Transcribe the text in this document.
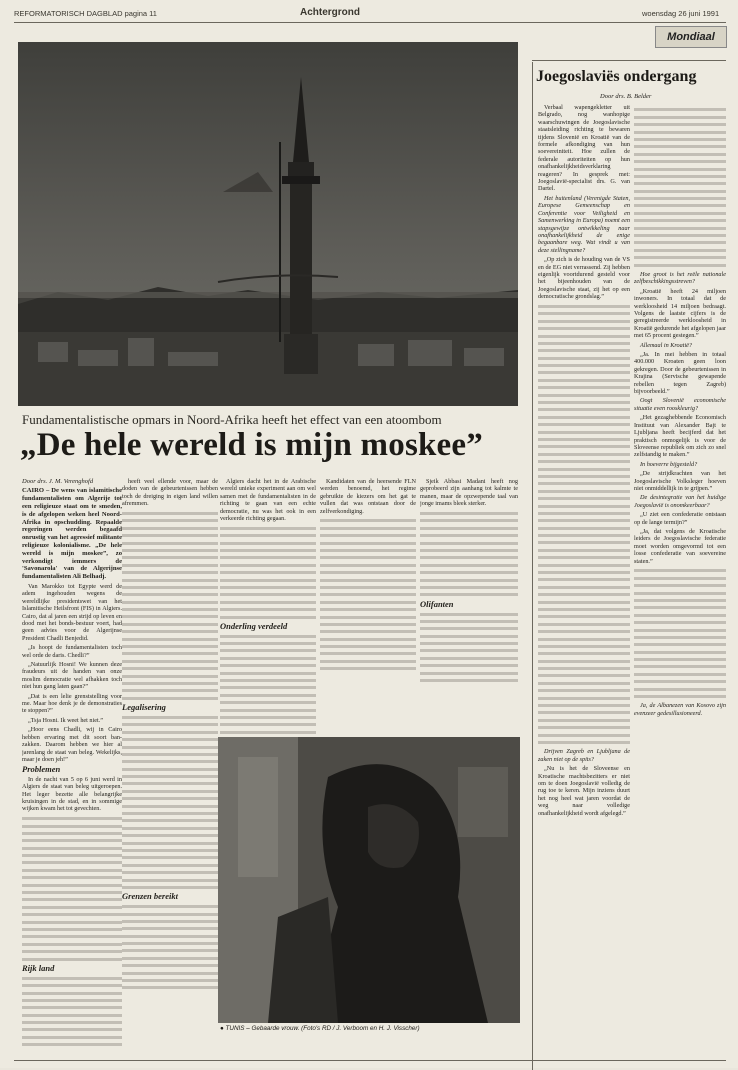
REFORMATORISCH DAGBLAD pagina 11	Achtergrond	woensdag 26 juni 1991
Fundamentalistische opmars in Noord-Afrika heeft het effect van een atoombom
„De hele wereld is mijn moskee”

Door drs. J. M. Verenghofd

CAIRO – De wens van islamitische fundamentalisten om Algerije tot een religieuze staat om te smeden, is de afgelopen weken heel Noord-Afrika in opschudding. Repaalde regeringen werden begaafd onrustig van het agressief militante religieuze kolonialisme. „De hele wereld is mijn moskee”, zo verkondigt iemmers de 'Savonarola' van de Algerijnse fundamentalisten Ali Belhadj.

Van Marokko tot Egypte werd de adem ingehouden wegens de wereldlijke presidentswet van het Islamitische Heilsfront (FIS) in Algiers. Cairo, dat al jaren een strijd op leven en dood met het bonds-bestuur voert, had geen advies voor de Algerijnse President Chadli Benjedid.

„Is hoopt de fundamentalisten toch wel orde de daris. Chedli?”

„Natuurlijk Hosni! We kunnen deze fraudeurs uit de handen van onze moslim democratie wel afhakken toch niet hun gang laten gaan?”

„Dat is een lelie grenststelling voor me. Maar hoe denk je de demonstraties te stoppen?”

„Tsja Hosni. Ik weet het niet.”

„Hoor eens Chadli, wij in Cairo hebben ervaring met dit soort ban-zakken. Daarom hebben we hier al jarenlang de staat van beleg. Wekelijks, maar je doen jeh!”

Problemen

In de nacht van 5 op 6 juni werd in Algiers de staat van beleg uitgeroepen. Het leger bezette alle belangrijke kruisingen in de stad, en in sommige wijken kwam het tot gevechten.

Rijk land

heeft veel ellende voor, maar de doden van de gebeurtenissen hebben toch de dreiging in eigen land willen afremmen.

Legalisering
Grenzen bereikt

Algiers dacht het in de Arabische wereld unieke experiment aan om wel samen met de fundamentalisten in de richting te gaan van een echte democratie, nu was het ook in een verkeerde richting gegaan.

Onderling verdeeld

Kandidaten van de heersende FLN werden benoemd, het regime gebruikte de kiezers om het gat te vullen dat was ontstaan door de zelfverkondiging.

Sjeik Abbasi Madani heeft nog geprobeerd zijn aanhang tot kalmte te manen, maar de opzwepende taal van jonge imams bleek sterker.

Olifanten
● TUNIS – Gebaarde vrouw. (Foto's RD / J. Verboom en H. J. Visscher)
Mondiaal
Joegoslaviës ondergang
Door drs. B. Belder

Verbaal wapengekletter uit Belgrado, nog wanhopige waarschuwingen de Joegoslavische staatsleiding richting te bewaren tijdens Slovenië en Kroatië van de formele afkondiging van hun soevereiniteit. Hoe zullen de federale autoriteiten op hun onafhankelijkheidsverklaring reageren? In gesprek met: Joegoslavië-specialist drs. G. van Dartel.

Het buitenland (Verenigde Staten, Europese Gemeenschap en Conferentie voor Veiligheid en Samenwerking in Europa) noemt een stapsgewijze ontwikkeling naar onafhankelijkheid de enige begaanbare weg. Wat vindt u van deze stellingname?

„Op zich is de houding van de VS en de EG niet verrassend. Zij hebben eigenlijk voortdurend gesteld voor het bijeenhouden van de Joegoslavische staat, zij het op een democratische grondslag.”

Drijven Zagreb en Ljubljana de zaken niet op de spits?

„Nu is het de Sloveense en Kroatische machtsbezitters er niet om te doen Joegoslavië volledig de rug toe te keren. Mijn inziens duurt het nog heel wat jaren voordat de weg naar volledige onafhankelijkheid wordt afgelegd.”

Hoe groot is het reële nationale zelfbeschikkingsstreven?

„Kroatië heeft 24 miljoen inwoners. In totaal dat de werkloosheid 14 miljoen bedraagt. Volgens de laatste cijfers is de geregistreerde werkloosheid in Kroatië gedurende het afgelopen jaar met 65 procent gestegen.”

Allemaal in Kroatië?

„Ja. In mei hebben in totaal 400.000 Kroaten geen loon gekregen. Door de gebeurtenissen in Krajina (Servische gewapende rebellen tegen Zagreb) bijvoorbeeld.”

Oogt Slovenië economische situatie even rooskleurig?

„Het gezaghebbende Economisch Instituut van Alexander Bajt te Ljubljana heeft becijferd dat het praktisch onmogelijk is voor de Sloveense republiek om zich zo snel zelfstandig te maken.”

In hoeverre bijgesteld?

„De strijdkrachten van het Joegoslavische Volksleger hoeven niet onmiddellijk in te grijpen.”

De desintegratie van het huidige Joegoslavië is onomkeerbaar?

„U ziet een confederatie ontstaan op de lange termijn?”

„Ja, dat volgens de Kroatische leiders de Joegoslavische federatie moet worden omgevormd tot een losse confederatie van soevereine staten.”

Ja, de Albanezen van Kosovo zijn evenzeer gedesillusioneerd.
